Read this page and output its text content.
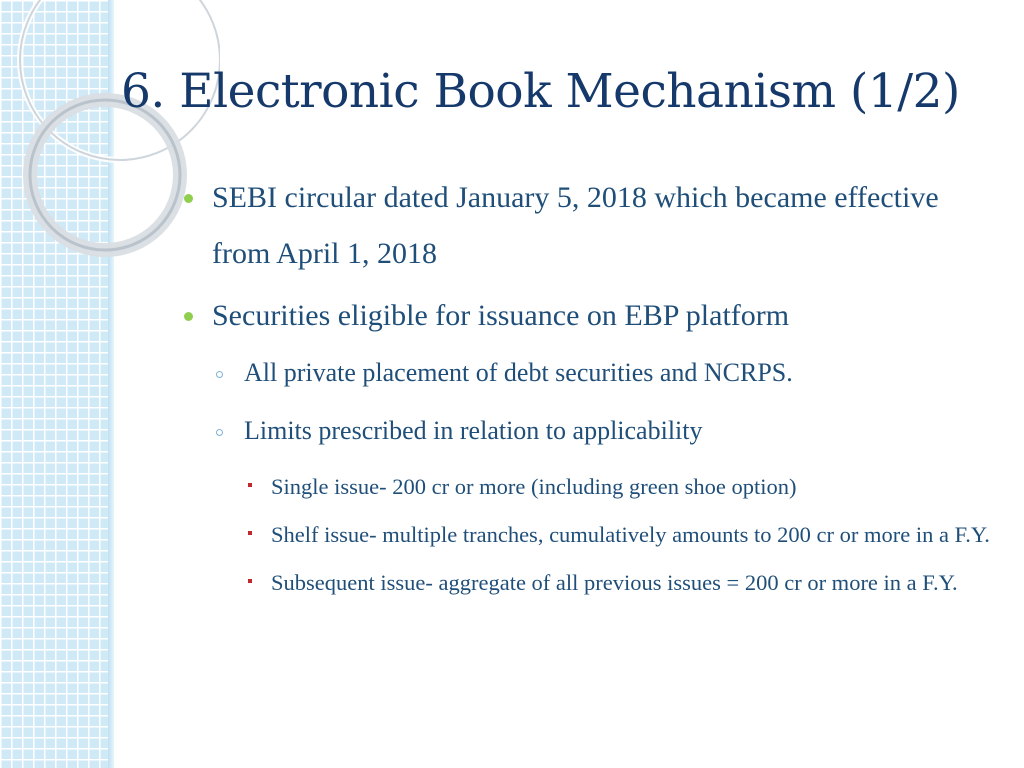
6. Electronic Book Mechanism (1/2)
SEBI circular dated January 5, 2018 which became effective from April 1, 2018
Securities eligible for issuance on EBP platform
All private placement of debt securities and NCRPS.
Limits prescribed in relation to applicability
Single issue- 200 cr or more (including green shoe option)
Shelf issue- multiple tranches, cumulatively amounts to 200 cr or more in a F.Y.
Subsequent issue- aggregate of all previous issues = 200 cr or more in a F.Y.
